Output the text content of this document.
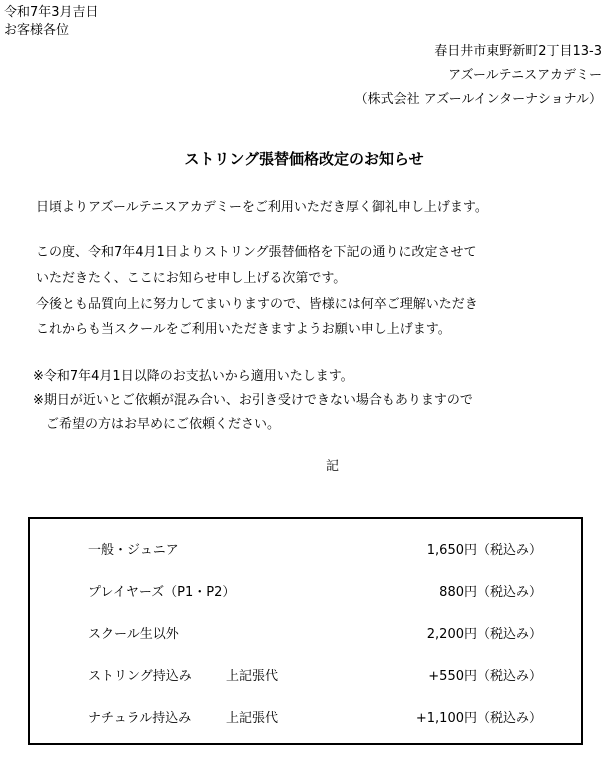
令和7年3月吉日
お客様各位
春日井市東野新町2丁目13-3
アズールテニスアカデミー
（株式会社 アズールインターナショナル）
ストリング張替価格改定のお知らせ
日頃よりアズールテニスアカデミーをご利用いただき厚く御礼申し上げます。
この度、令和7年4月1日よりストリング張替価格を下記の通りに改定させて
いただきたく、ここにお知らせ申し上げる次第です。
今後とも品質向上に努力してまいりますので、皆様には何卒ご理解いただき
これからも当スクールをご利用いただきますようお願い申し上げます。
※令和7年4月1日以降のお支払いから適用いたします。
※期日が近いとご依頼が混み合い、お引き受けできない場合もありますので
ご希望の方はお早めにご依頼ください。
記
一般・ジュニア	1,650円（税込み）
プレイヤーズ（P1・P2）	880円（税込み）
スクール生以外	2,200円（税込み）
ストリング持込み	上記張代	+550円（税込み）
ナチュラル持込み	上記張代	+1,100円（税込み）
